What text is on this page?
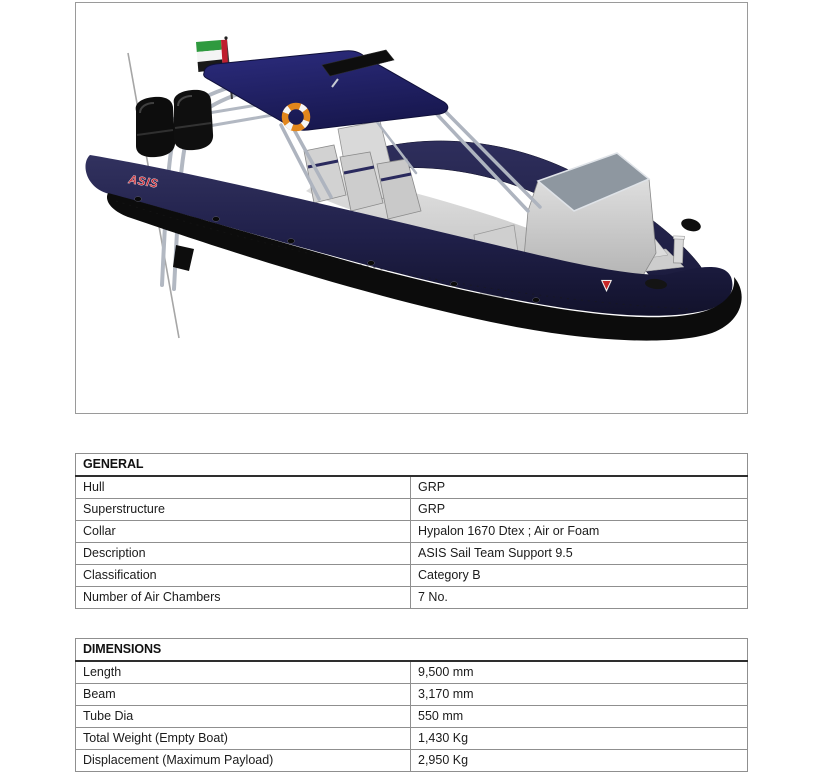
ASIS
GENERAL	
Hull	GRP
Superstructure	GRP
Collar	Hypalon 1670 Dtex ; Air or Foam
Description	ASIS Sail Team Support 9.5
Classification	Category B
Number of Air Chambers	7 No.
DIMENSIONS	
Length	9,500 mm
Beam	3,170 mm
Tube Dia	550 mm
Total Weight (Empty Boat)	1,430 Kg
Displacement (Maximum Payload)	2,950 Kg
